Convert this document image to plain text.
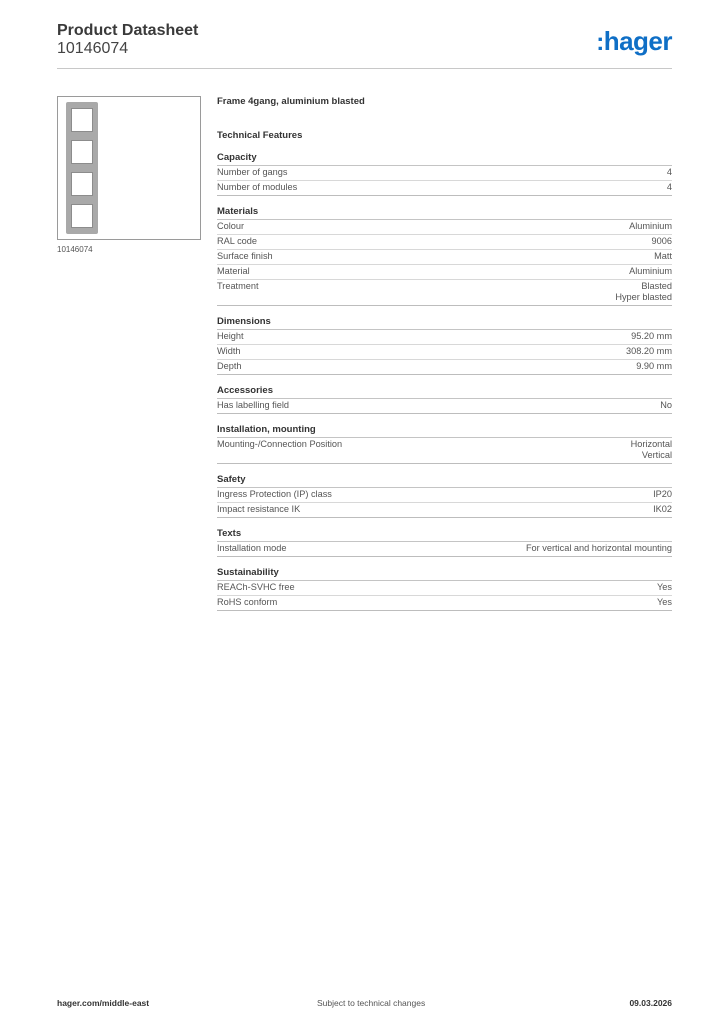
Product Datasheet
10146074	:hager
10146074
Frame 4gang, aluminium blasted
Technical Features
Capacity
Number of gangs	4
Number of modules	4
Materials
Colour	Aluminium
RAL code	9006
Surface finish	Matt
Material	Aluminium
Treatment	Blasted
Hyper blasted
Dimensions
Height	95.20 mm
Width	308.20 mm
Depth	9.90 mm
Accessories
Has labelling field	No
Installation, mounting
Mounting-/Connection Position	Horizontal
Vertical
Safety
Ingress Protection (IP) class	IP20
Impact resistance IK	IK02
Texts
Installation mode	For vertical and horizontal mounting
Sustainability
REACh-SVHC free	Yes
RoHS conform	Yes
hager.com/middle-east	Subject to technical changes	09.03.2026
